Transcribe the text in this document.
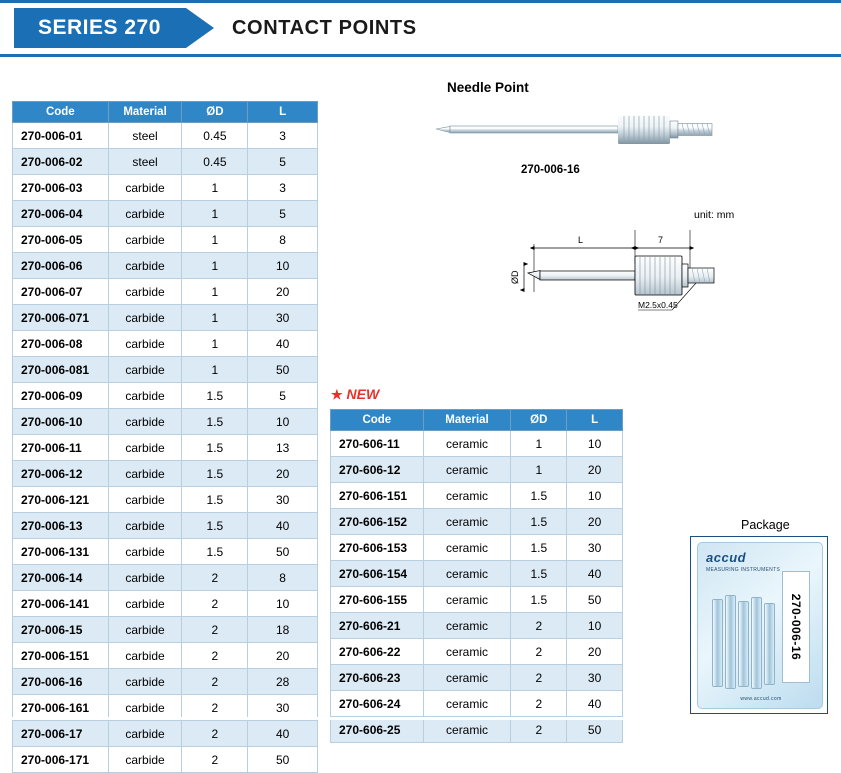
SERIES 270	CONTACT POINTS
Code	Material	ØD	L
270-006-01	steel	0.45	3
270-006-02	steel	0.45	5
270-006-03	carbide	1	3
270-006-04	carbide	1	5
270-006-05	carbide	1	8
270-006-06	carbide	1	10
270-006-07	carbide	1	20
270-006-071	carbide	1	30
270-006-08	carbide	1	40
270-006-081	carbide	1	50
270-006-09	carbide	1.5	5
270-006-10	carbide	1.5	10
270-006-11	carbide	1.5	13
270-006-12	carbide	1.5	20
270-006-121	carbide	1.5	30
270-006-13	carbide	1.5	40
270-006-131	carbide	1.5	50
270-006-14	carbide	2	8
270-006-141	carbide	2	10
270-006-15	carbide	2	18
270-006-151	carbide	2	20
270-006-16	carbide	2	28
270-006-161	carbide	2	30
270-006-17	carbide	2	40
270-006-171	carbide	2	50
Needle Point
270-006-16
unit: mm
L	7
ØD
M2.5x0.45
★ NEW
Code	Material	ØD	L
270-606-11	ceramic	1	10
270-606-12	ceramic	1	20
270-606-151	ceramic	1.5	10
270-606-152	ceramic	1.5	20
270-606-153	ceramic	1.5	30
270-606-154	ceramic	1.5	40
270-606-155	ceramic	1.5	50
270-606-21	ceramic	2	10
270-606-22	ceramic	2	20
270-606-23	ceramic	2	30
270-606-24	ceramic	2	40
270-606-25	ceramic	2	50
Package
accud
MEASURING INSTRUMENTS
270-006-16
www.accud.com
